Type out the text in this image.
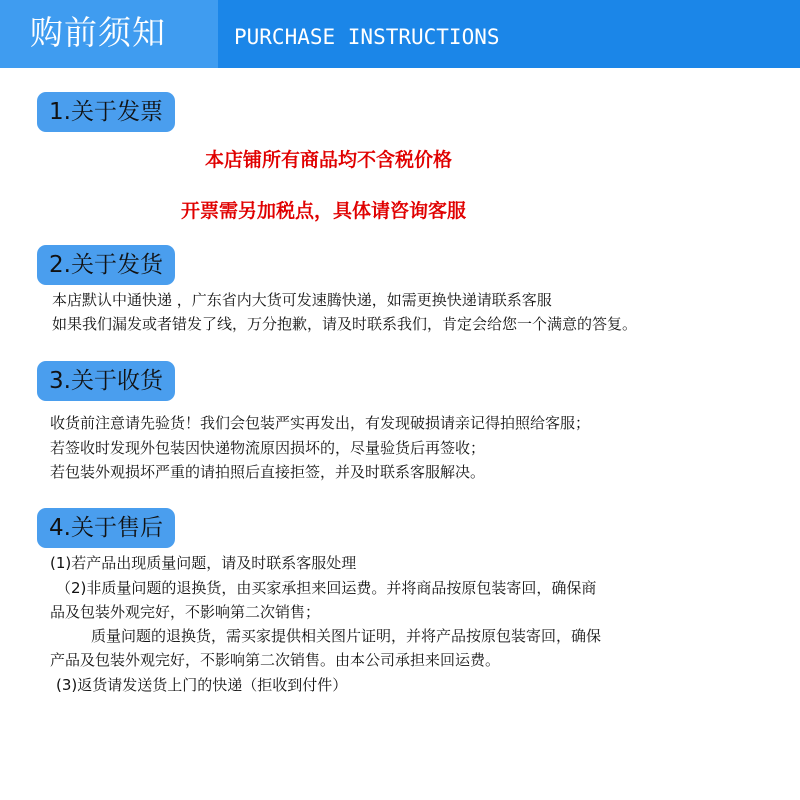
购前须知	PURCHASE INSTRUCTIONS
1.关于发票
本店铺所有商品均不含税价格
开票需另加税点，具体请咨询客服
2.关于发货
本店默认中通快递 ，广东省内大货可发速腾快递，如需更换快递请联系客服
如果我们漏发或者错发了线，万分抱歉，请及时联系我们，肯定会给您一个满意的答复。
3.关于收货
收货前注意请先验货！我们会包装严实再发出，有发现破损请亲记得拍照给客服；
若签收时发现外包装因快递物流原因损坏的，尽量验货后再签收；
若包装外观损坏严重的请拍照后直接拒签，并及时联系客服解决。
4.关于售后
(1)若产品出现质量问题，请及时联系客服处理
（2)非质量问题的退换货，由买家承担来回运费。并将商品按原包装寄回，确保商
品及包装外观完好，不影响第二次销售；
质量问题的退换货，需买家提供相关图片证明，并将产品按原包装寄回，确保
产品及包装外观完好，不影响第二次销售。由本公司承担来回运费。
(3)返货请发送货上门的快递（拒收到付件）
